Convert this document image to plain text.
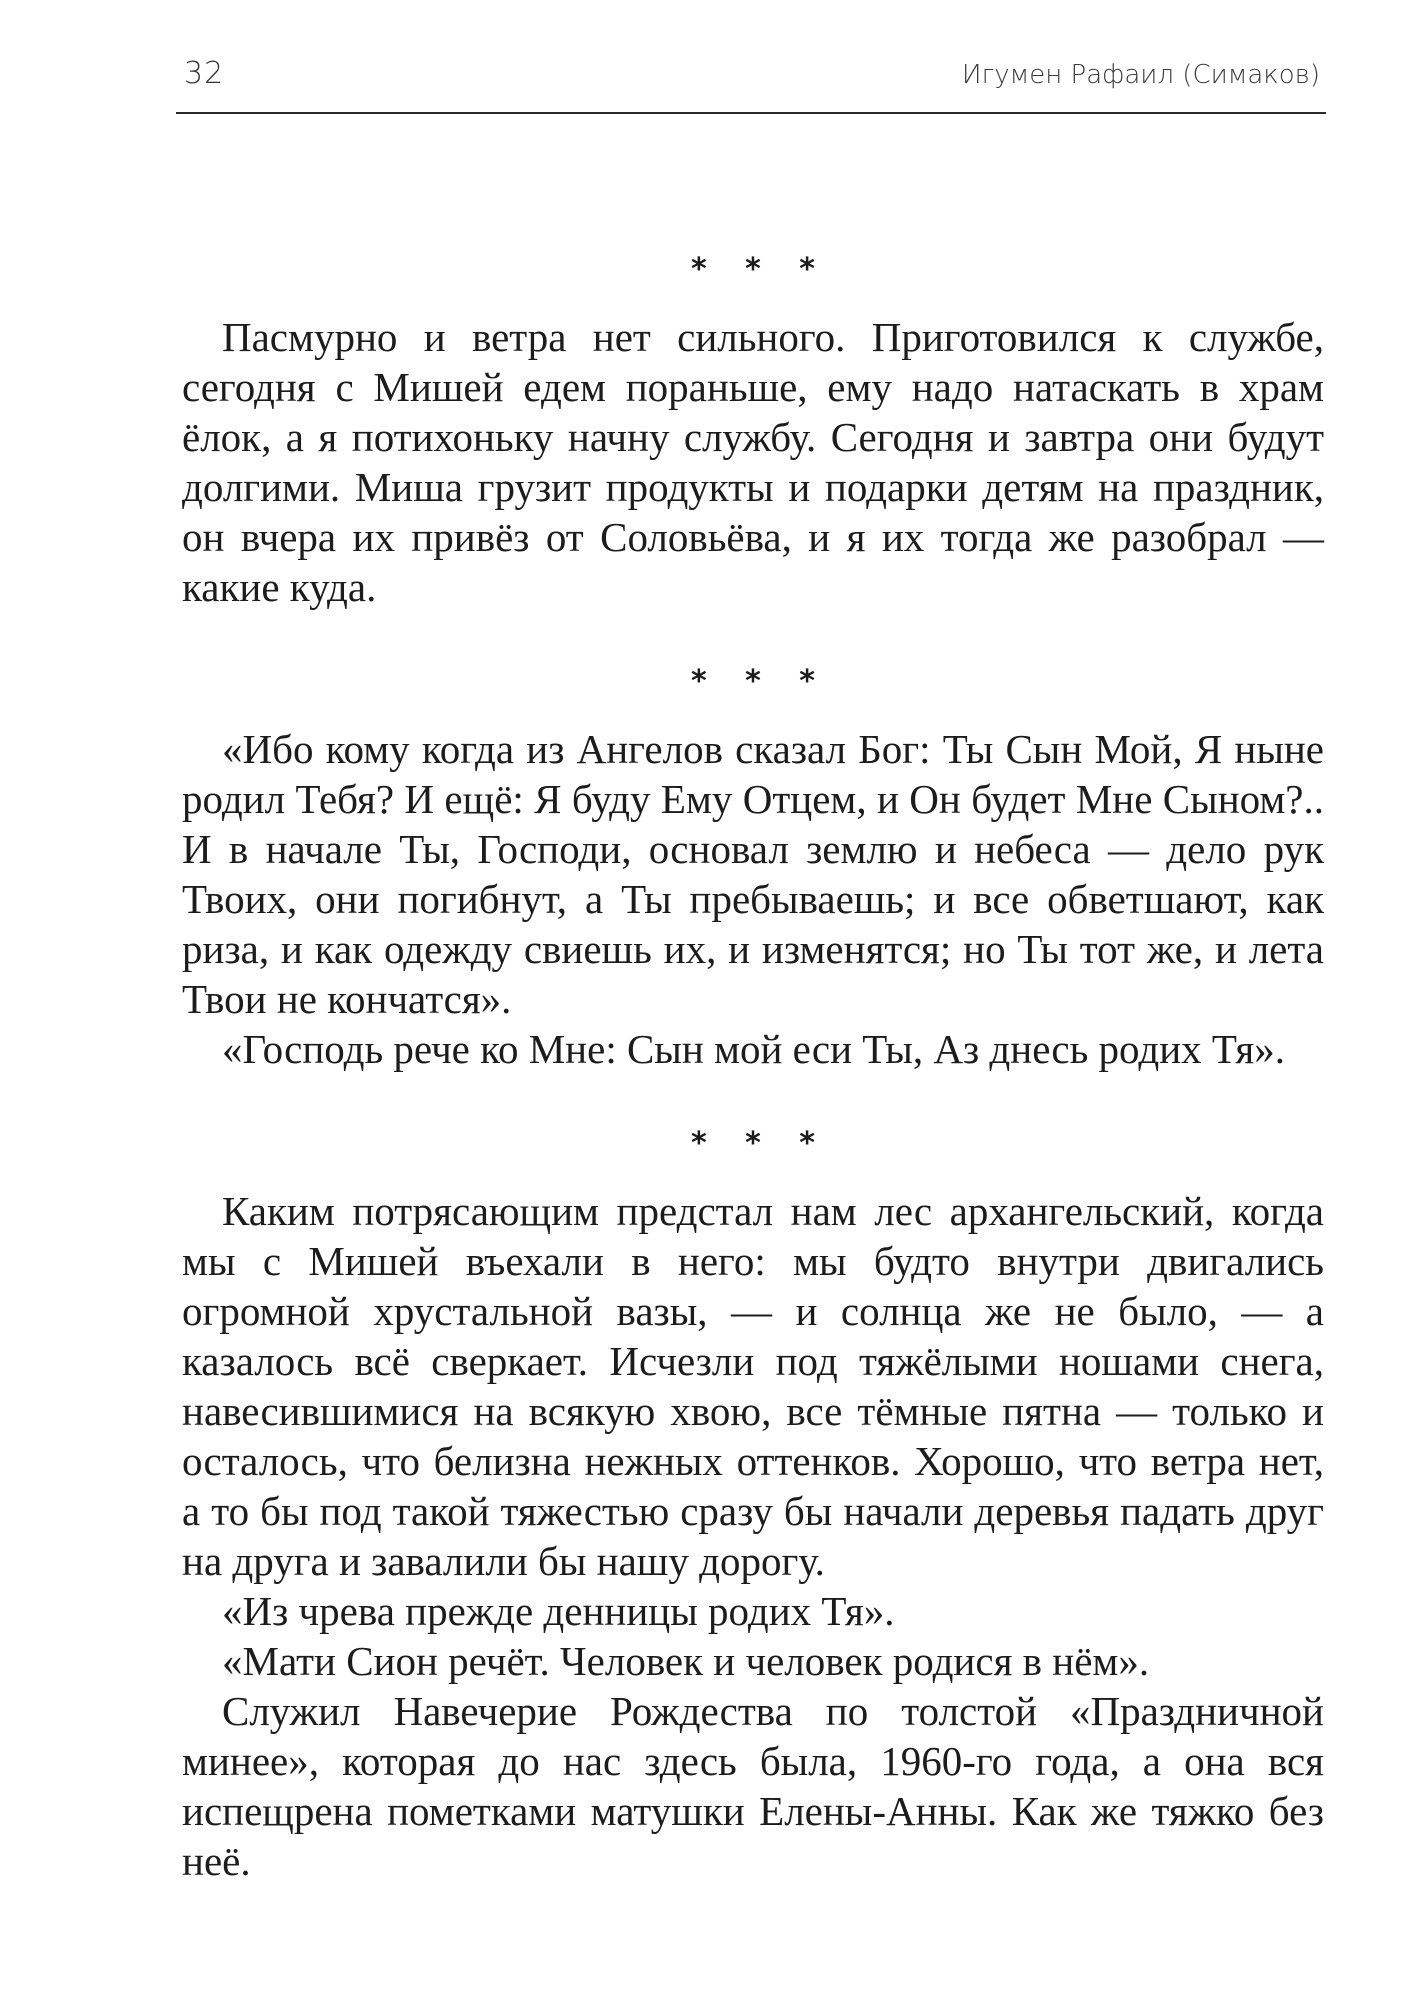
32	Игумен Рафаил (Симаков)
* * *

Пасмурно и ветра нет сильного. Приготовился к службе, сегодня с Мишей едем пораньше, ему надо натаскать в храм ёлок, а я потихоньку начну службу. Сегодня и завтра они будут долгими. Миша грузит продукты и подарки детям на праздник, он вчера их привёз от Соловьёва, и я их тогда же разобрал — какие куда.

* * *

«Ибо кому когда из Ангелов сказал Бог: Ты Сын Мой, Я ныне родил Тебя? И ещё: Я буду Ему Отцем, и Он будет Мне Сыном?.. И в начале Ты, Господи, основал землю и небеса — дело рук Твоих, они погибнут, а Ты пребываешь; и все обветшают, как риза, и как одежду свиешь их, и изменятся; но Ты тот же, и лета Твои не кончатся».

«Господь рече ко Мне: Сын мой еси Ты, Аз днесь родих Тя».

* * *

Каким потрясающим предстал нам лес архангельский, когда мы с Мишей въехали в него: мы будто внутри двигались огромной хрустальной вазы, — и солнца же не было, — а казалось всё сверкает. Исчезли под тяжёлыми ношами снега, навесившимися на всякую хвою, все тёмные пятна — только и осталось, что белизна нежных оттенков. Хорошо, что ветра нет, а то бы под такой тяжестью сразу бы начали деревья падать друг на друга и завалили бы нашу дорогу.

«Из чрева прежде денницы родих Тя».

«Мати Сион речёт. Человек и человек родися в нём».

Служил Навечерие Рождества по толстой «Праздничной минее», которая до нас здесь была, 1960-го года, а она вся испещрена пометками матушки Елены-Анны. Как же тяжко без неё.
